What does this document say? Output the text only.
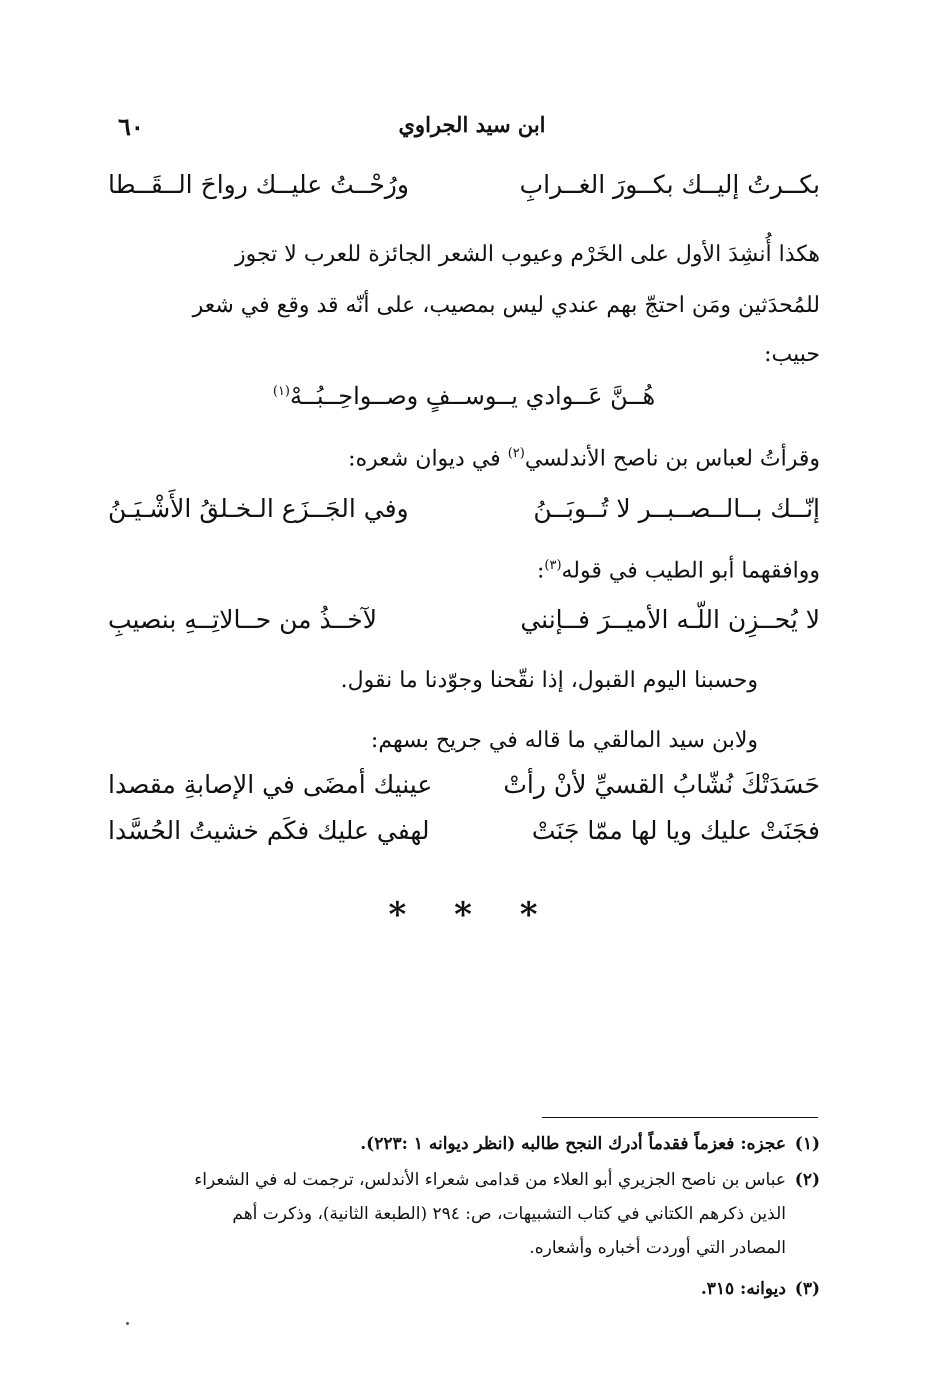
ابن سيد الجراوي
٦٠
بكــرتُ إليــك بكــورَ الغــرابِ
ورُحْــتُ عليــك رواحَ الــقَــطا
هكذا أُنشِدَ الأول على الخَرْم وعيوب الشعر الجائزة للعرب لا تجوز
للمُحدَثين ومَن احتجّ بهم عندي ليس بمصيب، على أنّه قد وقع في شعر
حبيب:
هُــنَّ عَــوادي يــوســفٍ وصــواحِــبُــهْ$^{(١)}$
وقرأتُ لعباس بن ناصح الأندلسي$^{(٢)}$ في ديوان شعره:
إنّــك بــالــصــبــر لا تُــوبَــنُ
وفي الجَــزَع الـخـلقُ الأَشْـيَـنُ
ووافقهما أبو الطيب في قوله$^{(٣)}$:
لا يُحــزِن اللّـه الأميــرَ فــإنني
لآخــذُ من حــالاتِــهِ بنصيبِ
وحسبنا اليوم القبول، إذا نقّحنا وجوّدنا ما نقول.
ولابن سيد المالقي ما قاله في جريح بسهم:
حَسَدَتْكَ نُشّابُ القسيِّ لأنْ رأتْ
عينيك أمضَى في الإصابةِ مقصدا
فجَنَتْ عليك ويا لها ممّا جَنَتْ
لهفي عليك فكَم خشيتُ الحُسَّدا
* * *
(١)عجزه: فعزماً فقدماً أدرك النجح طالبه (انظر ديوانه ١ :٢٢٣).
(٢)عباس بن ناصح الجزيري أبو العلاء من قدامى شعراء الأندلس، ترجمت له في الشعراء
الذين ذكرهم الكتاني في كتاب التشبيهات، ص: ٢٩٤ (الطبعة الثانية)، وذكرت أهم
المصادر التي أوردت أخباره وأشعاره.
(٣)ديوانه: ٣١٥.
